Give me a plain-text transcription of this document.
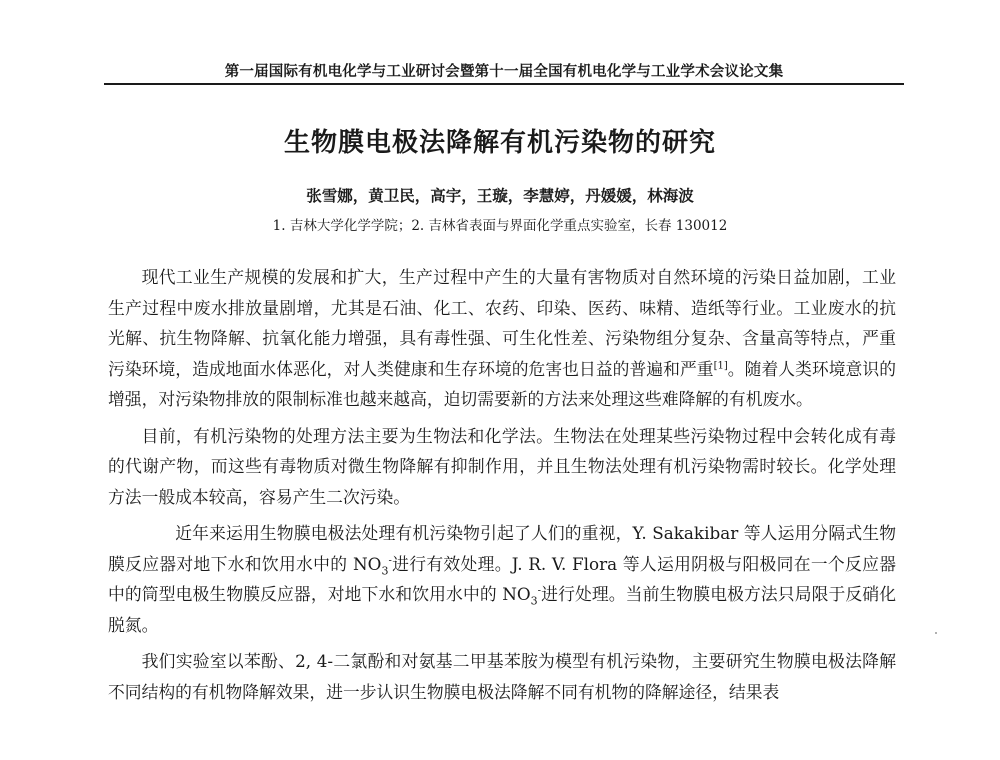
第一届国际有机电化学与工业研讨会暨第十一届全国有机电化学与工业学术会议论文集
生物膜电极法降解有机污染物的研究
张雪娜，黄卫民，高宇，王璇，李慧婷，丹媛媛，林海波
1. 吉林大学化学学院；2. 吉林省表面与界面化学重点实验室，长春 130012

现代工业生产规模的发展和扩大，生产过程中产生的大量有害物质对自然环境的污染日益加剧，工业生产过程中废水排放量剧增，尤其是石油、化工、农药、印染、医药、味精、造纸等行业。工业废水的抗光解、抗生物降解、抗氧化能力增强，具有毒性强、可生化性差、污染物组分复杂、含量高等特点，严重污染环境，造成地面水体恶化，对人类健康和生存环境的危害也日益的普遍和严重[1]。随着人类环境意识的增强，对污染物排放的限制标准也越来越高，迫切需要新的方法来处理这些难降解的有机废水。

目前，有机污染物的处理方法主要为生物法和化学法。生物法在处理某些污染物过程中会转化成有毒的代谢产物，而这些有毒物质对微生物降解有抑制作用，并且生物法处理有机污染物需时较长。化学处理方法一般成本较高，容易产生二次污染。

近年来运用生物膜电极法处理有机污染物引起了人们的重视，Y. Sakakibar 等人运用分隔式生物膜反应器对地下水和饮用水中的 $NO_3^-$进行有效处理。J. R. V. Flora 等人运用阴极与阳极同在一个反应器中的筒型电极生物膜反应器，对地下水和饮用水中的 $NO_3^-$进行处理。当前生物膜电极方法只局限于反硝化脱氮。

我们实验室以苯酚、2, 4-二氯酚和对氨基二甲基苯胺为模型有机污染物，主要研究生物膜电极法降解不同结构的有机物降解效果，进一步认识生物膜电极法降解不同有机物的降解途径，结果表
